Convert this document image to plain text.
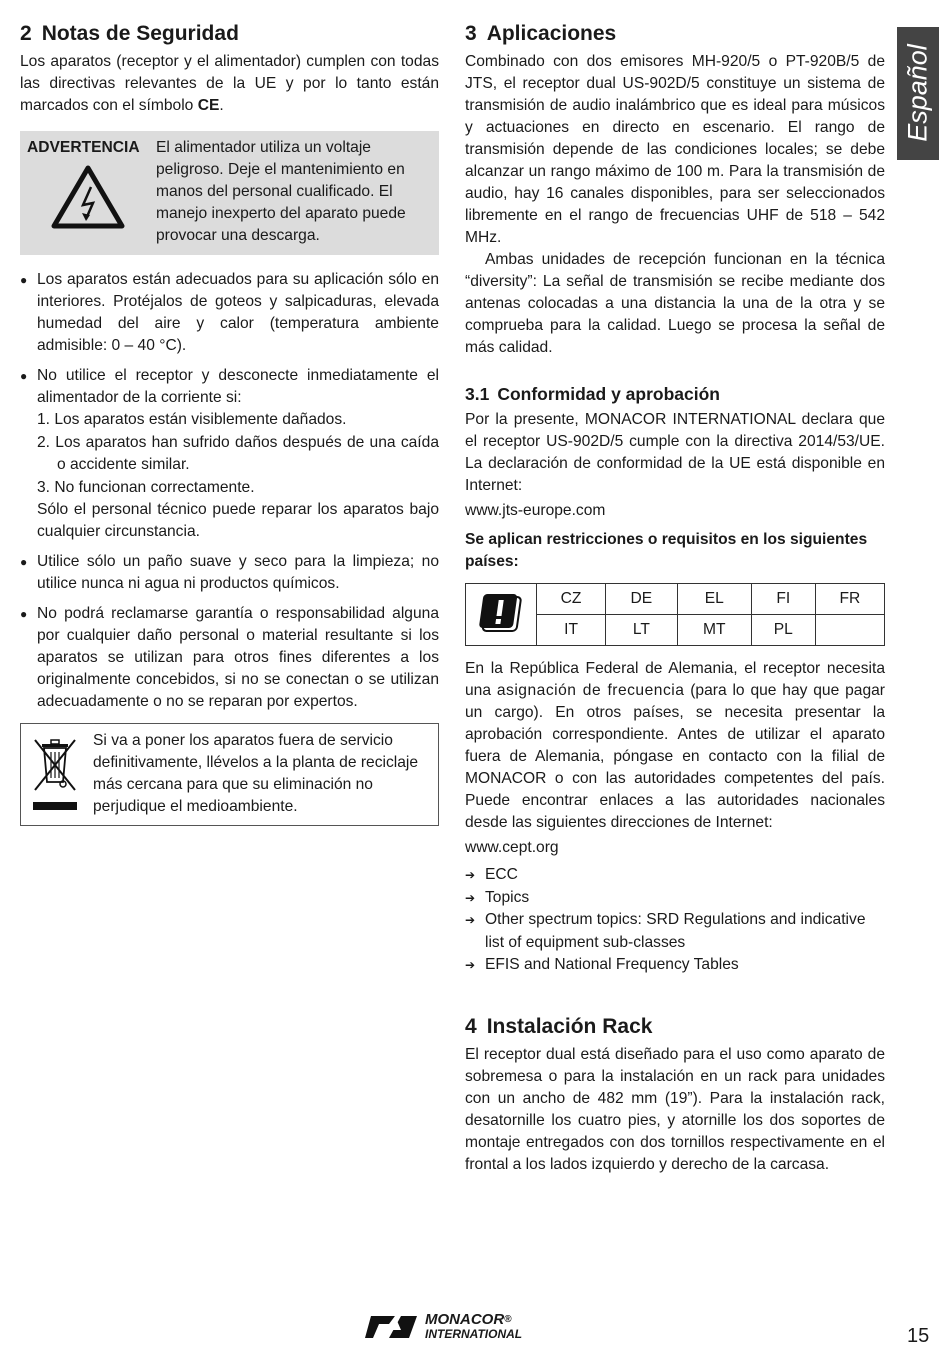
Español
2 Notas de Seguridad

Los aparatos (receptor y el alimentador) cumplen con todas las directivas relevantes de la UE y por lo tanto están marcados con el símbolo CE.

ADVERTENCIA	El alimentador utiliza un voltaje peligroso. Deje el mantenimiento en manos del personal cualificado. El manejo inexperto del aparato puede provocar una descarga.
● Los aparatos están adecuados para su aplicación sólo en interiores. Protéjalos de goteos y salpicaduras, elevada humedad del aire y calor (temperatura ambiente admisible: 0 – 40 °C).
● No utilice el receptor y desconecte inmediatamente el alimentador de la corriente si:
1. Los aparatos están visiblemente dañados.
2. Los aparatos han sufrido daños después de una caída o accidente similar.
3. No funcionan correctamente.
Sólo el personal técnico puede reparar los aparatos bajo cualquier circunstancia.
● Utilice sólo un paño suave y seco para la limpieza; no utilice nunca ni agua ni productos químicos.
● No podrá reclamarse garantía o responsabilidad alguna por cualquier daño personal o material resultante si los aparatos se utilizan para otros fines diferentes a los originalmente concebidos, si no se conectan o se utilizan adecuadamente o no se reparan por expertos.
Si va a poner los aparatos fuera de servicio definitivamente, llévelos a la planta de reciclaje más cercana para que su eliminación no perjudique el medioambiente.
3 Aplicaciones

Combinado con dos emisores MH-920/5 o PT-920B/5 de JTS, el receptor dual US-902D/5 constituye un sistema de transmisión de audio inalámbrico que es ideal para músicos y actuaciones en directo en escenario. El rango de transmisión depende de las condiciones locales; se debe alcanzar un rango máximo de 100 m. Para la transmisión de audio, hay 16 canales disponibles, para ser seleccionados libremente en el rango de frecuencias UHF de 518 – 542 MHz.

Ambas unidades de recepción funcionan en la técnica “diversity”: La señal de transmisión se recibe mediante dos antenas colocadas a una distancia la una de la otra y se comprueba para la calidad. Luego se procesa la señal de más calidad.

3.1 Conformidad y aprobación

Por la presente, MONACOR INTERNATIONAL declara que el receptor US-902D/5 cumple con la directiva 2014/53/UE. La declaración de conformidad de la UE está disponible en Internet:

www.jts-europe.com
Se aplican restricciones o requisitos en los siguientes países:
	CZ	DE	EL	FI	FR
	IT	LT	MT	PL	

En la República Federal de Alemania, el receptor necesita una asignación de frecuencia (para lo que hay que pagar un cargo). En otros países, se necesita presentar la aprobación correspondiente. Antes de utilizar el aparato fuera de Alemania, póngase en contacto con la filial de MONACOR o con las autoridades competentes del país. Puede encontrar enlaces a las autoridades nacionales desde las siguientes direcciones de Internet:

www.cept.org
➔ ECC
➔ Topics
➔ Other spectrum topics: SRD Regulations and indicative list of equipment sub-classes
➔ EFIS and National Frequency Tables
4 Instalación Rack

El receptor dual está diseñado para el uso como aparato de sobremesa o para la instalación en un rack para unidades con un ancho de 482 mm (19”). Para la instalación rack, desatornille los cuatro pies, y atornille los dos soportes de montaje entregados con dos tornillos respectivamente en el frontal a los lados izquierdo y derecho de la carcasa.

MONACOR®
INTERNATIONAL	15
